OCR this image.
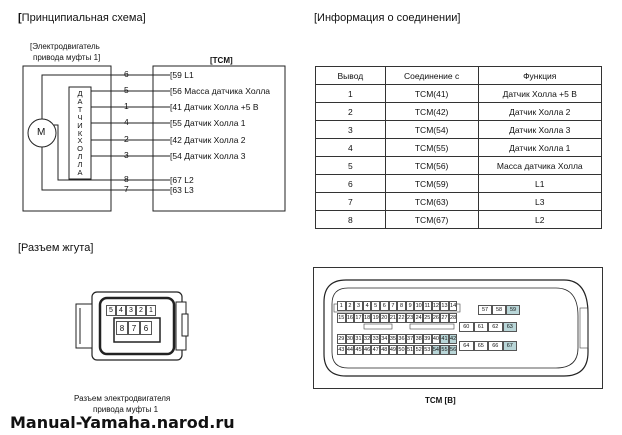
[Принципиальная схема]
[Электродвигатель
привода муфты 1]	[TCM]
M
Д
А
Т
Ч
И
К
Х
О
Л
Л
А
6
5
1
4
2
3
8
7
[59 L1
[56 Масса датчика Холла
[41 Датчик Холла +5 В
[55 Датчик Холла 1
[42 Датчик Холла 2
[54 Датчик Холла 3
[67 L2
[63 L3
[Информация о соединении]
Вывод	Соединение с	Функция
1	TCM(41)	Датчик Холла +5 В
2	TCM(42)	Датчик Холла 2
3	TCM(54)	Датчик Холла 3
4	TCM(55)	Датчик Холла 1
5	TCM(56)	Масса датчика Холла
6	TCM(59)	L1
7	TCM(63)	L3
8	TCM(67)	L2
[Разъем жгута]
5 4 3 2 1
8 7 6
Разъем электродвигателя
привода муфты 1
1	2	3	4	5	6	7	8	9 10 11 12 13 14
15 16 17 18 19 20 21 22 23 24 25 26 27 28
29 30 31 32 33 34 35 36 37 38 39 40 41 42
43 44 45 46 47 48 49 50 51 52 53 54 55 56
57	58	59
60	61	62	63
64	65	66	67
TCM [B]
Manual-Yamaha.narod.ru
